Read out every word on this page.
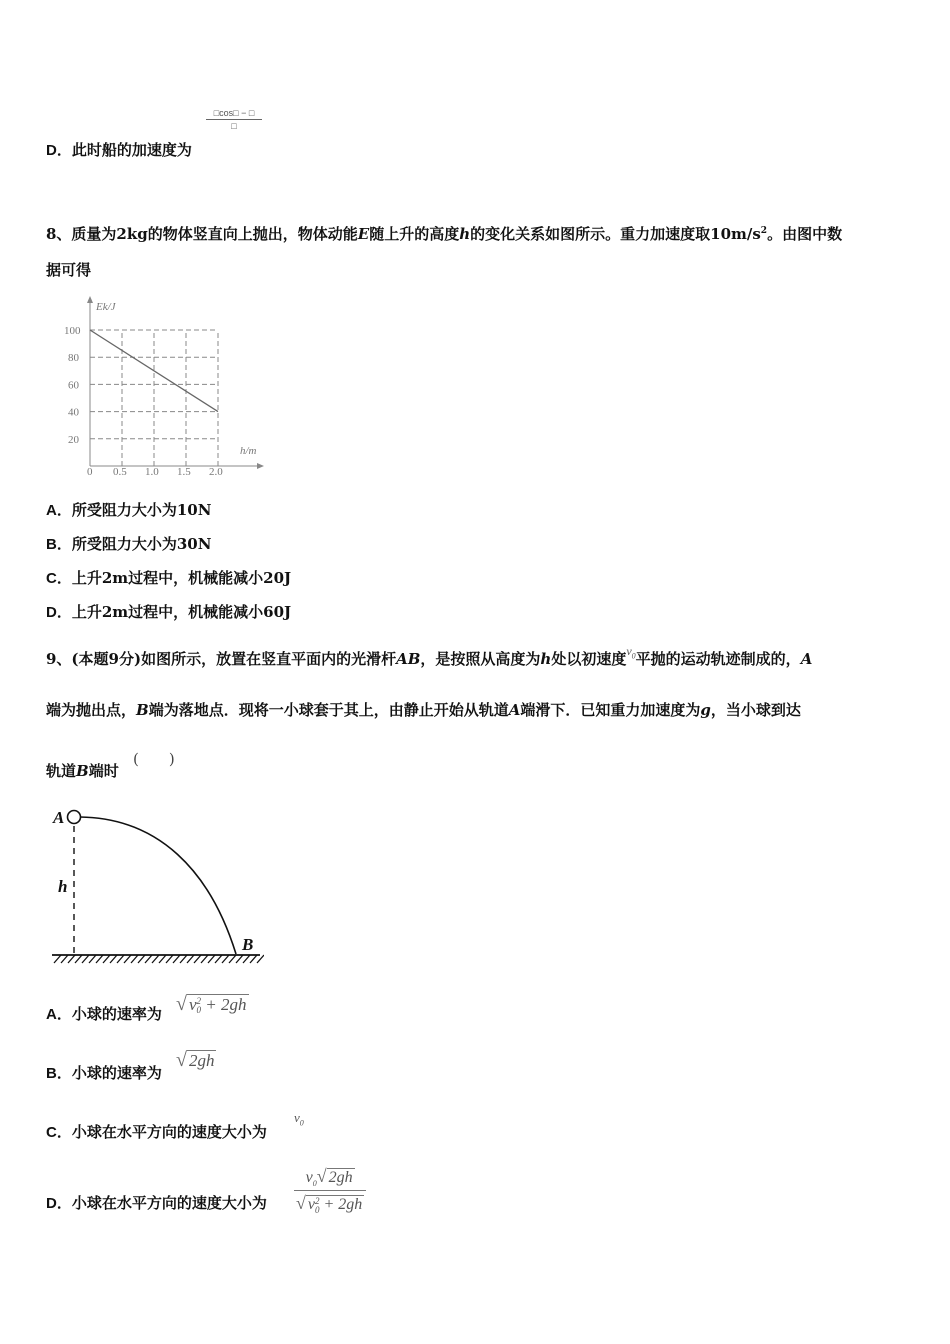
□cos□ − □
□
D．此时船的加速度为
8、质量为2kg的物体竖直向上抛出，物体动能E随上升的高度h的变化关系如图所示。重力加速度取$10m/s^2$。由图中数
据可得
Ek/J
h/m
0 0.5 1.0 1.5 2.0
20
40
60
80
100
A．所受阻力大小为10N
B．所受阻力大小为30N
C．上升2m过程中，机械能减小20J
D．上升2m过程中，机械能减小60J
9、(本题9分)如图所示，放置在竖直平面内的光滑杆AB，是按照从高度为h处以初速度$^{v_0}$平抛的运动轨迹制成的，A
端为抛出点，B端为落地点．现将一小球套于其上，由静止开始从轨道A端滑下．已知重力加速度为g，当小球到达
轨道B端时
(　　)
A
h
B
A．小球的速率为 √ v 2
0 + 2gh
B．小球的速率为
√ 2gh
C．小球在水平方向的速度大小为
$v_0$
D．小球在水平方向的速度大小为 $v_0√$ 2gh
√ v 2
0 + 2gh
